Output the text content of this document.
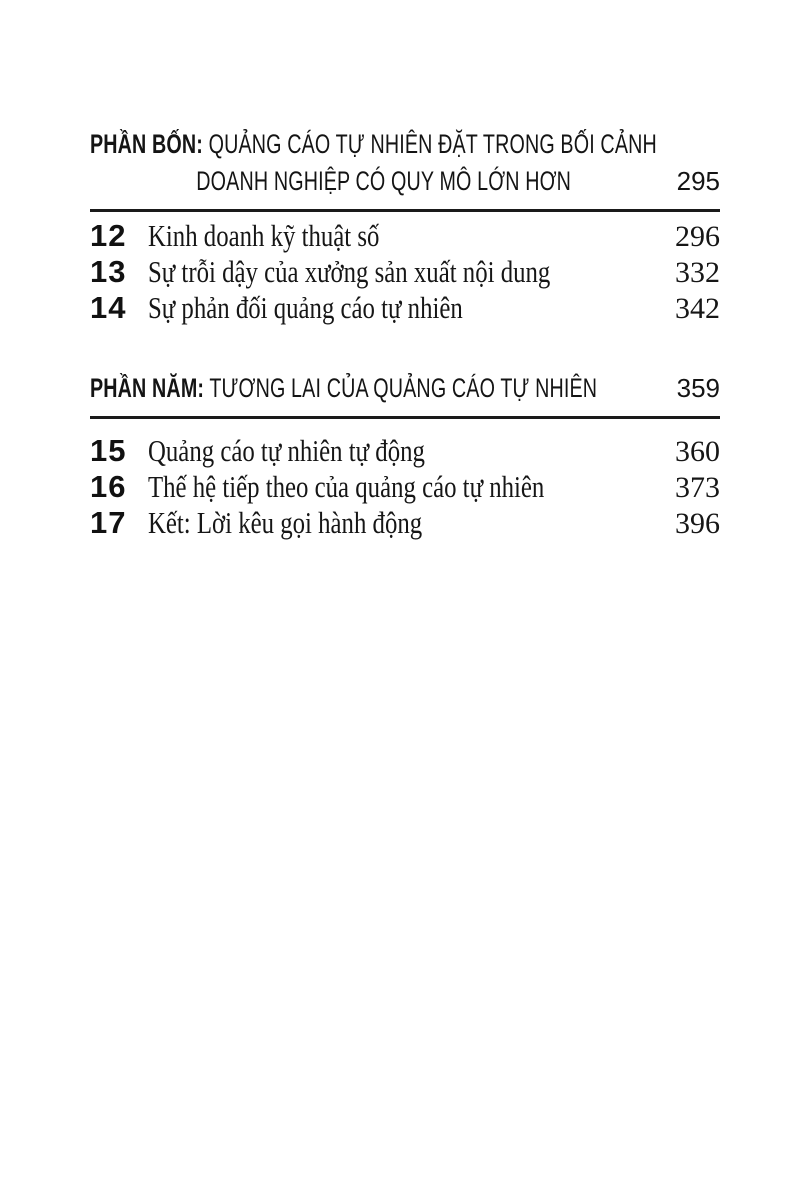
PHẦN BỐN: QUẢNG CÁO TỰ NHIÊN ĐẶT TRONG BỐI CẢNH
DOANH NGHIỆP CÓ QUY MÔ LỚN HƠN	295
12 Kinh doanh kỹ thuật số	296
13 Sự trỗi dậy của xưởng sản xuất nội dung	332
14 Sự phản đối quảng cáo tự nhiên	342
PHẦN NĂM: TƯƠNG LAI CỦA QUẢNG CÁO TỰ NHIÊN	359
15 Quảng cáo tự nhiên tự động	360
16 Thế hệ tiếp theo của quảng cáo tự nhiên	373
17 Kết: Lời kêu gọi hành động	396
